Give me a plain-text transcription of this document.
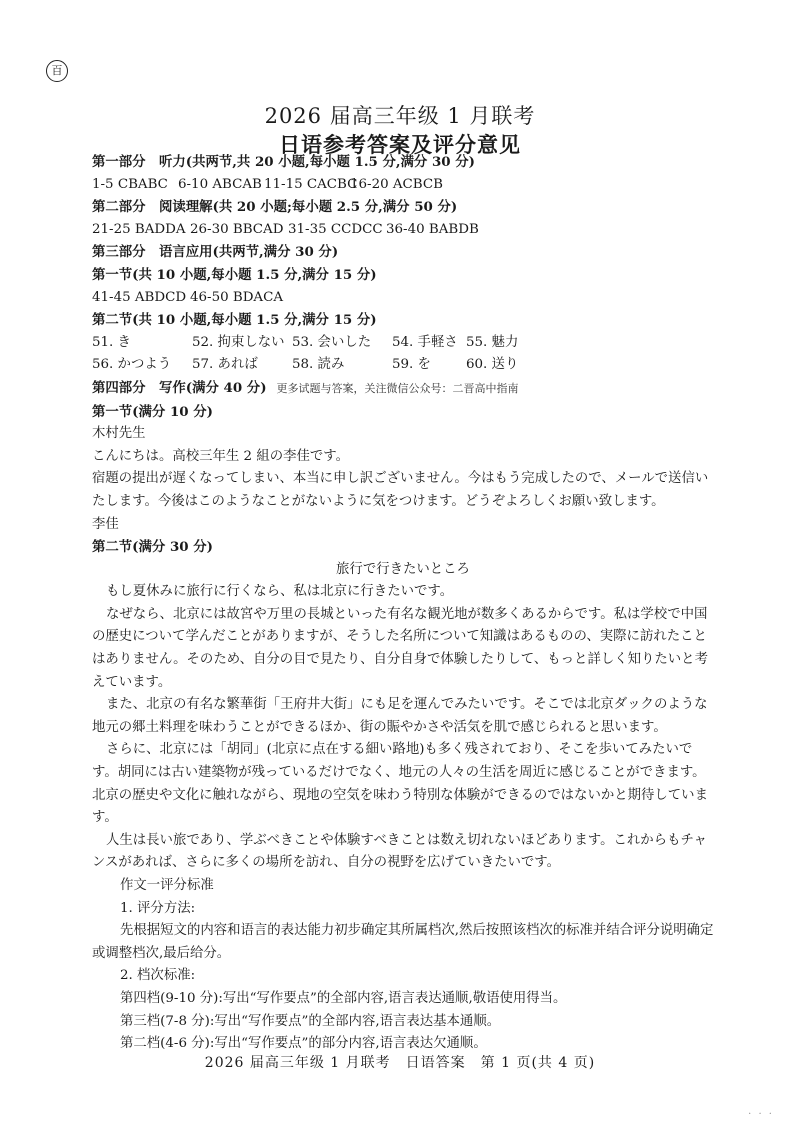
百
2026 届高三年级 1 月联考
日语参考答案及评分意见
第一部分　听力(共两节,共 20 小题,每小题 1.5 分,满分 30 分)
1-5 CBABC 6-10 ABCAB 11-15 CACBC
16-20 ACBCB
第二部分　阅读理解(共 20 小题;每小题 2.5 分,满分 50 分)
21-25 BADDA 26-30 BBCAD 31-35 CCDCC 36-40 BABDB
第三部分　语言应用(共两节,满分 30 分)
第一节(共 10 小题,每小题 1.5 分,满分 15 分)
41-45 ABDCD 46-50 BDACA
第二节(共 10 小题,每小题 1.5 分,满分 15 分)
51. き	52. 拘束しない 53. 会いした	54. 手軽さ 55. 魅力
56. かつよう	57. あれば	58. 読み	59. を	60. 送り
第四部分　写作(满分 40 分) 更多试题与答案，关注微信公众号：二晋高中指南
第一节(满分 10 分)
木村先生
こんにちは。高校三年生 2 組の李佳です。
宿題の提出が遅くなってしまい、本当に申し訳ございません。今はもう完成したので、メールで送信いたします。今後はこのようなことがないように気をつけます。どうぞよろしくお願い致します。
李佳
第二节(满分 30 分)
旅行で行きたいところ

もし夏休みに旅行に行くなら、私は北京に行きたいです。

なぜなら、北京には故宮や万里の長城といった有名な観光地が数多くあるからです。私は学校で中国の歴史について学んだことがありますが、そうした名所について知識はあるものの、実際に訪れたことはありません。そのため、自分の目で見たり、自分自身で体験したりして、もっと詳しく知りたいと考えています。

また、北京の有名な繁華街「王府井大街」にも足を運んでみたいです。そこでは北京ダックのような地元の郷土料理を味わうことができるほか、街の賑やかさや活気を肌で感じられると思います。

さらに、北京には「胡同」(北京に点在する細い路地)も多く残されており、そこを歩いてみたいです。胡同には古い建築物が残っているだけでなく、地元の人々の生活を周近に感じることができます。北京の歴史や文化に触れながら、現地の空気を味わう特別な体験ができるのではないかと期待しています。

人生は長い旅であり、学ぶべきことや体験すべきことは数え切れないほどあります。これからもチャンスがあれば、さらに多くの場所を訪れ、自分の視野を広げていきたいです。

作文一评分标准
1. 评分方法:
先根据短文的内容和语言的表达能力初步确定其所属档次,然后按照该档次的标准并结合评分说明确定或调整档次,最后给分。
2. 档次标准:
第四档(9-10 分):写出“写作要点”的全部内容,语言表达通顺,敬语使用得当。
第三档(7-8 分):写出“写作要点”的全部内容,语言表达基本通顺。
第二档(4-6 分):写出“写作要点”的部分内容,语言表达欠通顺。
2026 届高三年级 1 月联考　日语答案　第 1 页(共 4 页)
· · ·
